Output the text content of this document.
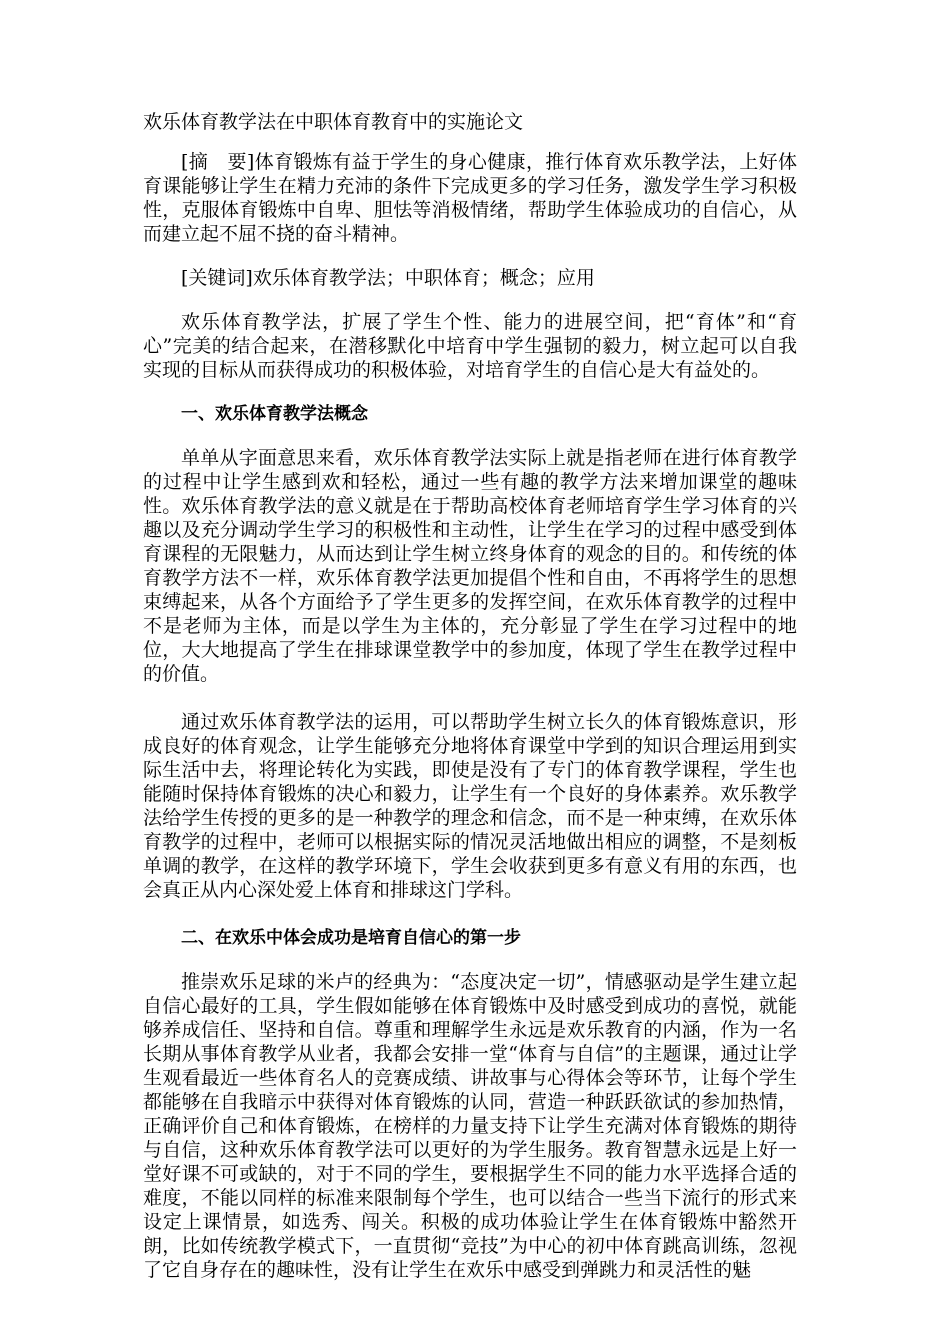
欢乐体育教学法在中职体育教育中的实施论文

[摘　要]体育锻炼有益于学生的身心健康，推行体育欢乐教学法，上好体育课能够让学生在精力充沛的条件下完成更多的学习任务，激发学生学习积极性，克服体育锻炼中自卑、胆怯等消极情绪，帮助学生体验成功的自信心，从而建立起不屈不挠的奋斗精神。

[关键词]欢乐体育教学法；中职体育；概念；应用

欢乐体育教学法，扩展了学生个性、能力的进展空间，把“育体”和“育心”完美的结合起来，在潜移默化中培育中学生强韧的毅力，树立起可以自我实现的目标从而获得成功的积极体验，对培育学生的自信心是大有益处的。

一、欢乐体育教学法概念

单单从字面意思来看，欢乐体育教学法实际上就是指老师在进行体育教学的过程中让学生感到欢和轻松，通过一些有趣的教学方法来增加课堂的趣味性。欢乐体育教学法的意义就是在于帮助高校体育老师培育学生学习体育的兴趣以及充分调动学生学习的积极性和主动性，让学生在学习的过程中感受到体育课程的无限魅力，从而达到让学生树立终身体育的观念的目的。和传统的体育教学方法不一样，欢乐体育教学法更加提倡个性和自由，不再将学生的思想束缚起来，从各个方面给予了学生更多的发挥空间，在欢乐体育教学的过程中不是老师为主体，而是以学生为主体的，充分彰显了学生在学习过程中的地位，大大地提高了学生在排球课堂教学中的参加度，体现了学生在教学过程中的价值。

通过欢乐体育教学法的运用，可以帮助学生树立长久的体育锻炼意识，形成良好的体育观念，让学生能够充分地将体育课堂中学到的知识合理运用到实际生活中去，将理论转化为实践，即使是没有了专门的体育教学课程，学生也能随时保持体育锻炼的决心和毅力，让学生有一个良好的身体素养。欢乐教学法给学生传授的更多的是一种教学的理念和信念，而不是一种束缚，在欢乐体育教学的过程中，老师可以根据实际的情况灵活地做出相应的调整，不是刻板单调的教学，在这样的教学环境下，学生会收获到更多有意义有用的东西，也会真正从内心深处爱上体育和排球这门学科。

二、在欢乐中体会成功是培育自信心的第一步

推崇欢乐足球的米卢的经典为：“态度决定一切”，情感驱动是学生建立起自信心最好的工具，学生假如能够在体育锻炼中及时感受到成功的喜悦，就能够养成信任、坚持和自信。尊重和理解学生永远是欢乐教育的内涵，作为一名长期从事体育教学从业者，我都会安排一堂“体育与自信”的主题课，通过让学生观看最近一些体育名人的竞赛成绩、讲故事与心得体会等环节，让每个学生都能够在自我暗示中获得对体育锻炼的认同，营造一种跃跃欲试的参加热情，正确评价自己和体育锻炼，在榜样的力量支持下让学生充满对体育锻炼的期待与自信，这种欢乐体育教学法可以更好的为学生服务。教育智慧永远是上好一堂好课不可或缺的，对于不同的学生，要根据学生不同的能力水平选择合适的难度，不能以同样的标准来限制每个学生，也可以结合一些当下流行的形式来设定上课情景，如选秀、闯关。积极的成功体验让学生在体育锻炼中豁然开朗，比如传统教学模式下，一直贯彻“竞技”为中心的初中体育跳高训练，忽视了它自身存在的趣味性，没有让学生在欢乐中感受到弹跳力和灵活性的魅
